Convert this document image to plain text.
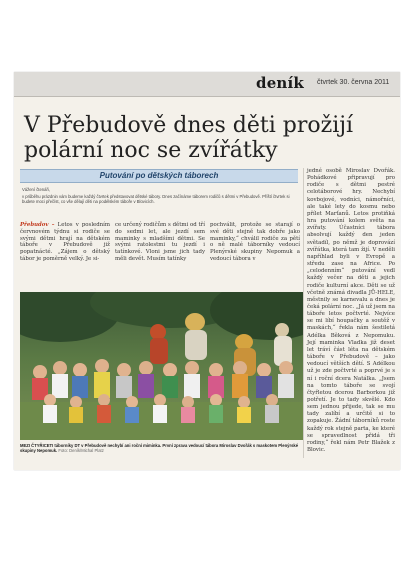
deník čtvrtek 30. června 2011
V Přebudově dnes děti prožijí polární noc se zvířátky
Putování po dětských táborech

Vážení čtenáři,

v průběhu prázdnin vám budeme každý čtvrtek představovat dětské tábory. Dnes začínáme táborem rodičů s dětmi v Přebudově. Příští čtvrtek si budete moci přečíst, co vše dělají děti na podélském táboře v Blovicích.

Přebudov – Letos v posledním červnovém týdnu si rodiče se svými dětmi hrají na dětském táboře v Přebudově již popatnácté. „Zájem o dětský tábor je poměrně velký. Je si-

ce určený rodičům s dětmi od tří do sedmi let, ale jezdí sem maminky s mladšími dětmi. Se svými ratolestmi tu jezdí i tatínkové. Vloni jsme jich tady měli devět. Musím tatínky

pochválit, protože se starají o své děti stejně tak dobře jako maminky,“ chválil rodiče za pětí o ně malé táborníky vedoucí Plenýrské skupiny Nepomuk a vedoucí tábora v

jedné osobě Miroslav Dvořák. Pohádkové připravují pro rodiče s dětmi pestré celotáborové hry. Nechybí kovbojové, vodníci, námořníci, ale také lety do kosmu nebo přílet Marťanů. Letos protiňká hra putování kolem světa na zvířaty. Účastníci tábora absolvují každý den jeden světadíl, po němž je doprovází zvířátka, která tam žijí. V neděli napříhlad byli v Evropě a středu zase na Africe. Po „celodenním“ putování vedl každý večer na děti a jejich rodiče kulturní akce. Děti se už včetně známá divadla JŮ-HELE, městnily se karnevalu a dnes je čeká polární noc. „Já už jsem na táboře letos počtvrté. Nejvíce se mi líbí houpačky a soutěž v maskách,“ řekla nám šestiletá Adélka Běková z Nepomuku. Její maminka Vladka již deset let tráví část léta na dětském táboře v Přebudově – jako vedoucí větších dětí. S Adélkou už je zde počtvrté a poprvé je s ní i roční dcera Natálka. „Jsem na tomto táboře se svojí čtyřletou dcerou Barborkou již potřetí. Je to tady skvělé. Kdo sem jednou přijede, tak se mu tady zalíbí a určitě si to zopakuje. Žádní táborníků roste každý rok stejně parta, ke které se spravedlnost přidá tři rodiny,“ řekl nám Petr Blažek z Blovic.

MEZI ČTYŘICETI táborníky DT v Přebudově nechybí ani roční miminka. První zprava vedoucí tábora Miroslav Dvořák s maskotem Plenýrské skupiny Nepomuk. Foto: Deník/Michal Platz
